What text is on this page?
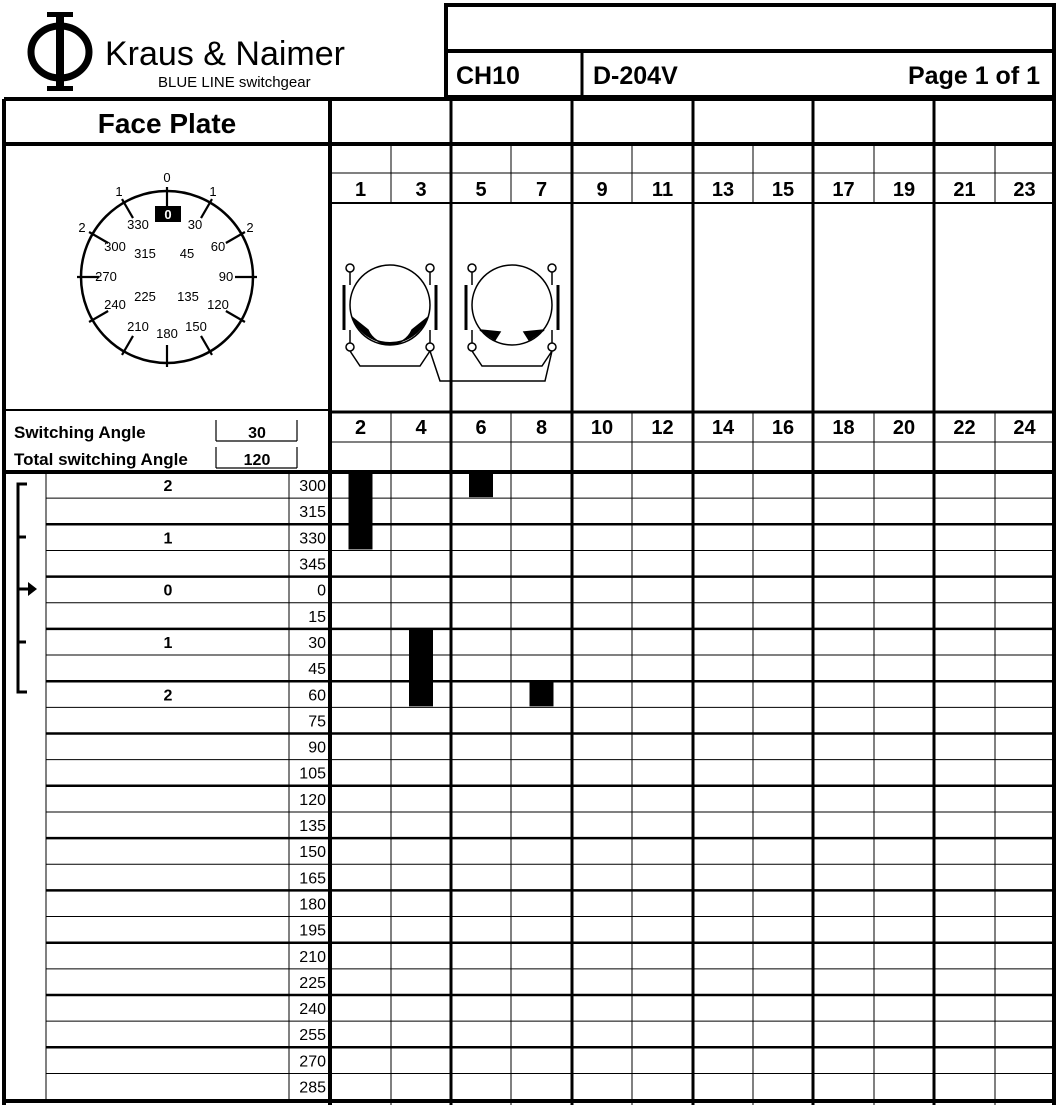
Kraus & Naimer
BLUE LINE switchgear	CH10	D-204V	Page 1 of 1
Face Plate
0
1	1
2	2
330	30
300 315 45 60
270	90
240
225 135
120
210 180 150
0
Switching Angle	30
Total switching Angle	120
1 3 5 7 9 11 13 15 17 19 21 23
2 4 6 8 10 12 14 16 18 20 22 24
2	300
315
1	330
345
0	0
15
1	30
45
2	60
75
90
105
120
135
150
165
180
195
210
225
240
255
270
285
